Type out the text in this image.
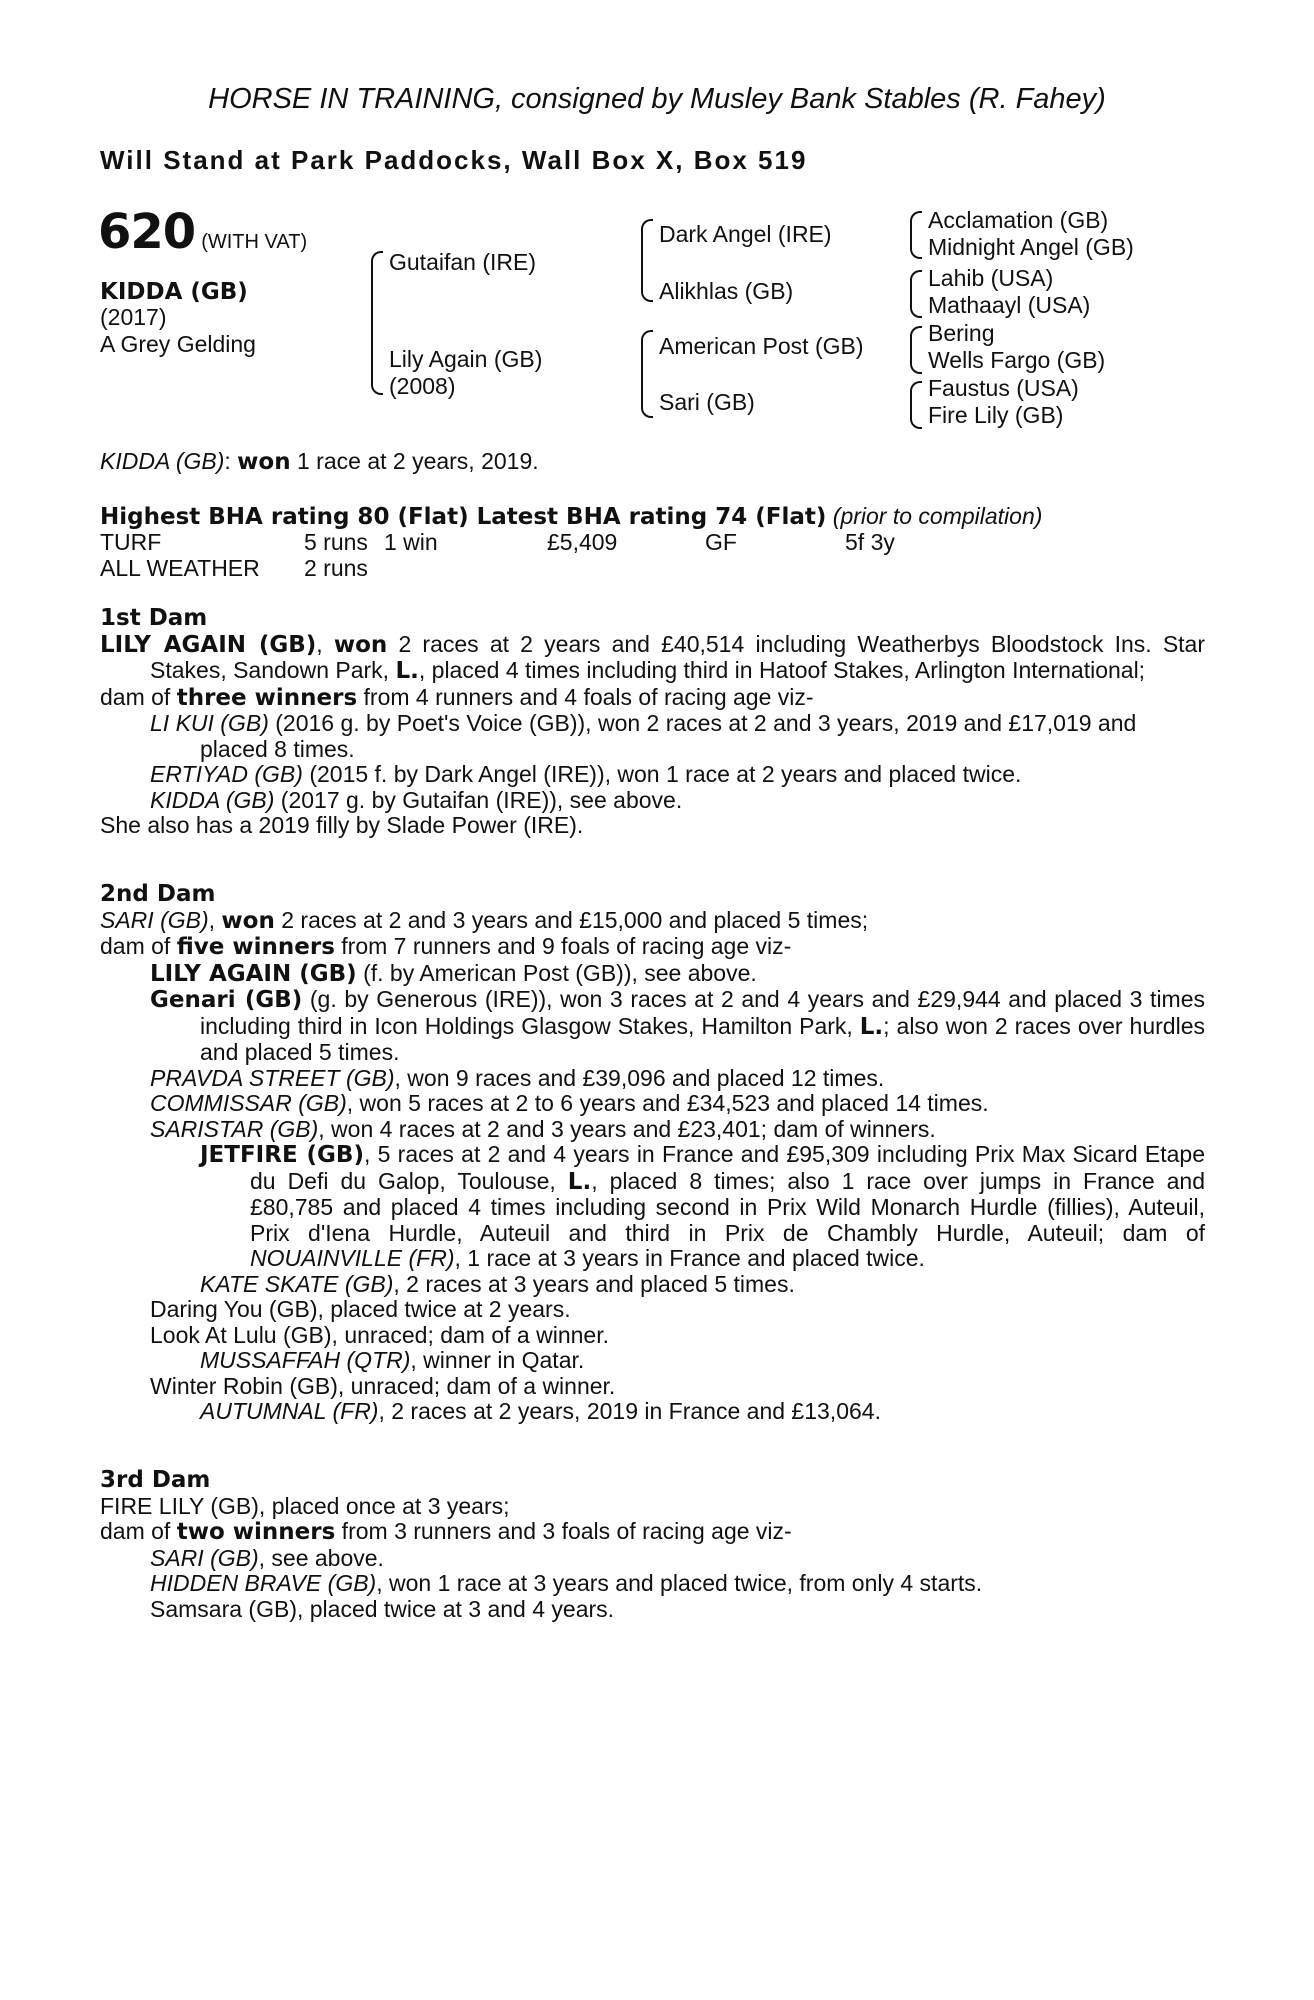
HORSE IN TRAINING, consigned by Musley Bank Stables (R. Fahey)
Will Stand at Park Paddocks, Wall Box X, Box 519
620 (WITH VAT)
KIDDA (GB)
(2017)
A Grey Gelding
Gutaifan (IRE)
Lily Again (GB)
(2008)
Dark Angel (IRE)
Alikhlas (GB)
American Post (GB)
Sari (GB)
Acclamation (GB)
Midnight Angel (GB)
Lahib (USA)
Mathaayl (USA)
Bering
Wells Fargo (GB)
Faustus (USA)
Fire Lily (GB)
KIDDA (GB): won 1 race at 2 years, 2019.
Highest BHA rating 80 (Flat) Latest BHA rating 74 (Flat) (prior to compilation)
TURF	5 runs 1 win	£5,409	GF	5f 3y
ALL WEATHER 2 runs
1st Dam
LILY AGAIN (GB), won 2 races at 2 years and £40,514 including Weatherbys Bloodstock Ins. Star Stakes, Sandown Park, L., placed 4 times including third in Hatoof Stakes, Arlington International;
dam of three winners from 4 runners and 4 foals of racing age viz-
LI KUI (GB) (2016 g. by Poet's Voice (GB)), won 2 races at 2 and 3 years, 2019 and £17,019 and placed 8 times.
ERTIYAD (GB) (2015 f. by Dark Angel (IRE)), won 1 race at 2 years and placed twice.
KIDDA (GB) (2017 g. by Gutaifan (IRE)), see above.
She also has a 2019 filly by Slade Power (IRE).
2nd Dam
SARI (GB), won 2 races at 2 and 3 years and £15,000 and placed 5 times;
dam of five winners from 7 runners and 9 foals of racing age viz-
LILY AGAIN (GB) (f. by American Post (GB)), see above.
Genari (GB) (g. by Generous (IRE)), won 3 races at 2 and 4 years and £29,944 and placed 3 times including third in Icon Holdings Glasgow Stakes, Hamilton Park, L.; also won 2 races over hurdles and placed 5 times.
PRAVDA STREET (GB), won 9 races and £39,096 and placed 12 times.
COMMISSAR (GB), won 5 races at 2 to 6 years and £34,523 and placed 14 times.
SARISTAR (GB), won 4 races at 2 and 3 years and £23,401; dam of winners.
JETFIRE (GB), 5 races at 2 and 4 years in France and £95,309 including Prix Max Sicard Etape du Defi du Galop, Toulouse, L., placed 8 times; also 1 race over jumps in France and £80,785 and placed 4 times including second in Prix Wild Monarch Hurdle (fillies), Auteuil, Prix d'Iena Hurdle, Auteuil and third in Prix de Chambly Hurdle, Auteuil; dam of NOUAINVILLE (FR), 1 race at 3 years in France and placed twice.
KATE SKATE (GB), 2 races at 3 years and placed 5 times.
Daring You (GB), placed twice at 2 years.
Look At Lulu (GB), unraced; dam of a winner.
MUSSAFFAH (QTR), winner in Qatar.
Winter Robin (GB), unraced; dam of a winner.
AUTUMNAL (FR), 2 races at 2 years, 2019 in France and £13,064.
3rd Dam
FIRE LILY (GB), placed once at 3 years;
dam of two winners from 3 runners and 3 foals of racing age viz-
SARI (GB), see above.
HIDDEN BRAVE (GB), won 1 race at 3 years and placed twice, from only 4 starts.
Samsara (GB), placed twice at 3 and 4 years.
